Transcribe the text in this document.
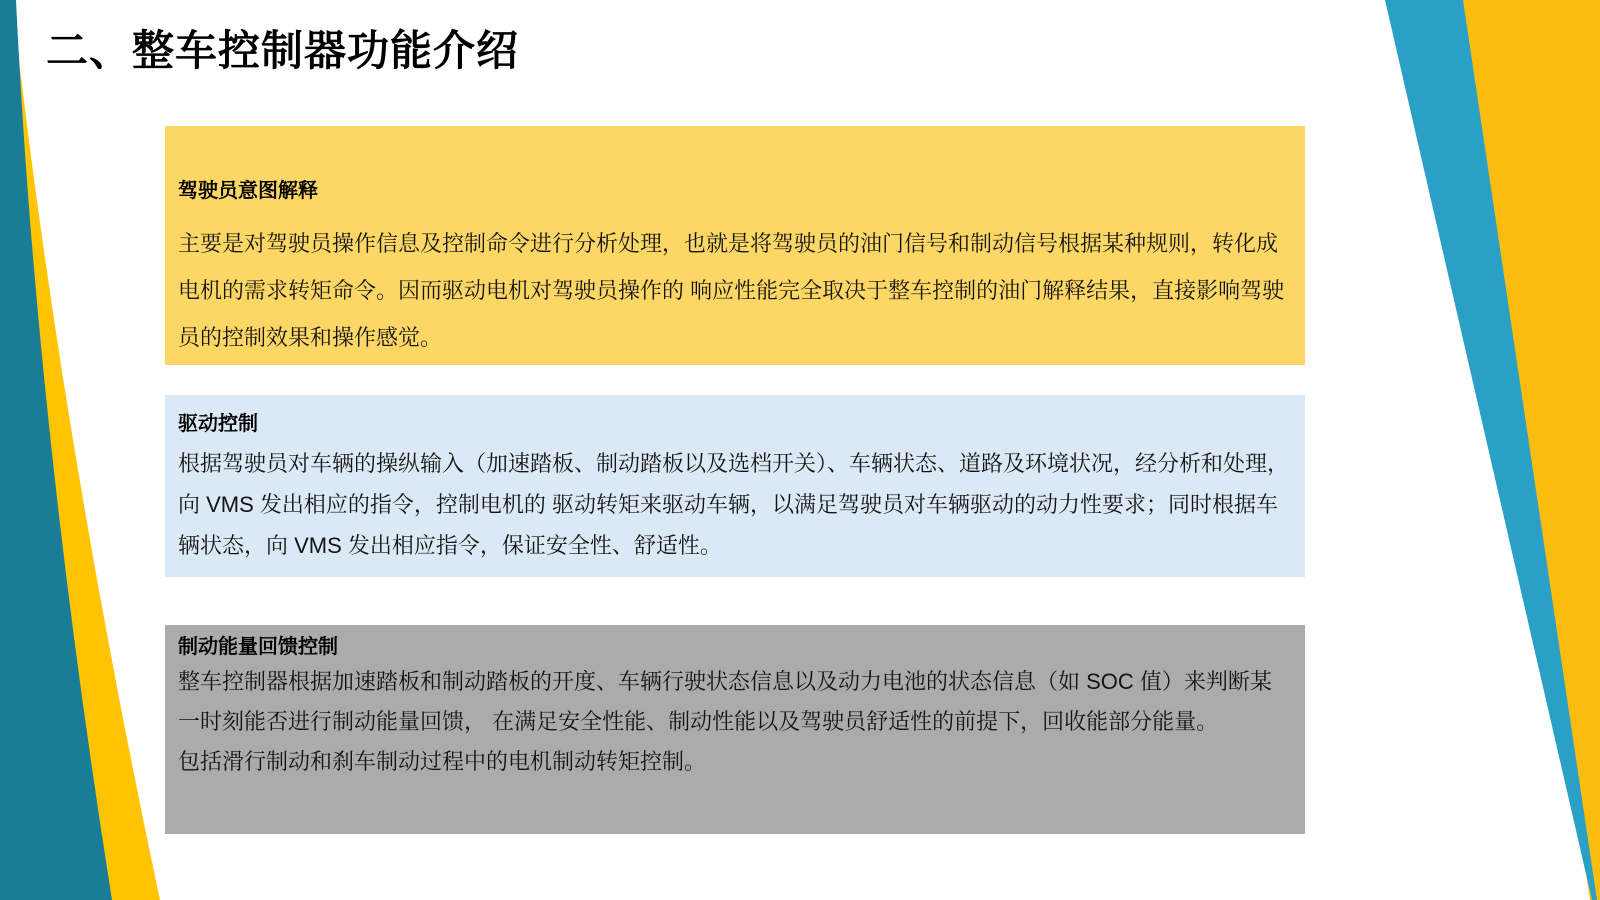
二、整车控制器功能介绍
驾驶员意图解释

主要是对驾驶员操作信息及控制命令进行分析处理，也就是将驾驶员的油门信号和制动信号根据某种规则，转化成电机的需求转矩命令。因而驱动电机对驾驶员操作的 响应性能完全取决于整车控制的油门解释结果，直接影响驾驶员的控制效果和操作感觉。

驱动控制

根据驾驶员对车辆的操纵输入（加速踏板、制动踏板以及选档开关）、车辆状态、道路及环境状况，经分析和处理，向 VMS 发出相应的指令，控制电机的 驱动转矩来驱动车辆，以满足驾驶员对车辆驱动的动力性要求；同时根据车辆状态，向 VMS 发出相应指令，保证安全性、舒适性。

制动能量回馈控制

整车控制器根据加速踏板和制动踏板的开度、车辆行驶状态信息以及动力电池的状态信息（如 SOC 值）来判断某一时刻能否进行制动能量回馈， 在满足安全性能、制动性能以及驾驶员舒适性的前提下，回收能部分能量。

包括滑行制动和刹车制动过程中的电机制动转矩控制。
